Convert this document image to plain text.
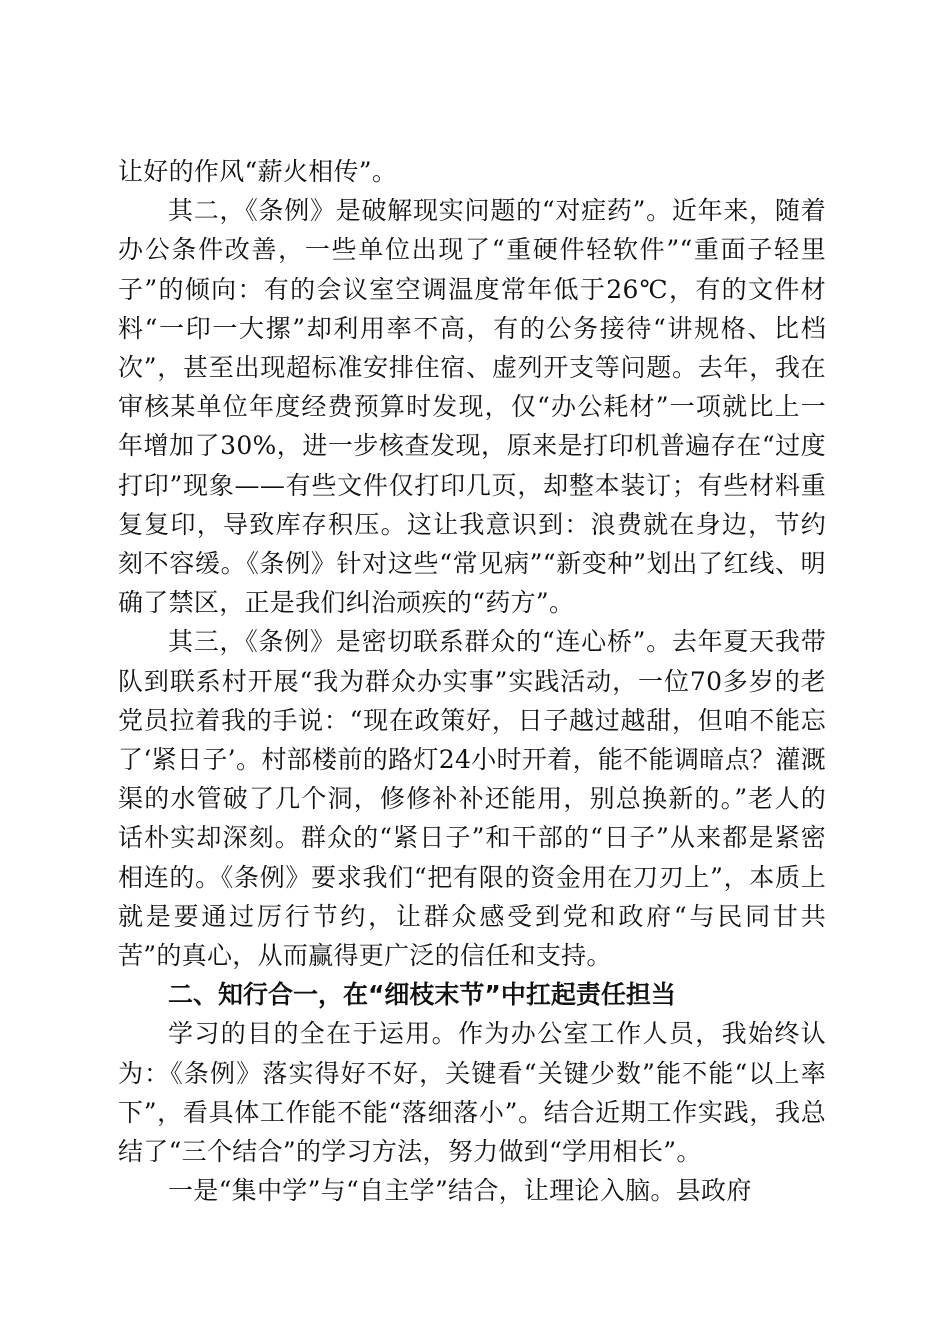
让好的作风“薪火相传”。

其二，《条例》是破解现实问题的“对症药”。近年来，随着办公条件改善，一些单位出现了“重硬件轻软件”“重面子轻里子”的倾向：有的会议室空调温度常年低于26℃，有的文件材料“一印一大摞”却利用率不高，有的公务接待“讲规格、比档次”，甚至出现超标准安排住宿、虚列开支等问题。去年，我在审核某单位年度经费预算时发现，仅“办公耗材”一项就比上一年增加了30%，进一步核查发现，原来是打印机普遍存在“过度打印”现象——有些文件仅打印几页，却整本装订；有些材料重复复印，导致库存积压。这让我意识到：浪费就在身边，节约刻不容缓。《条例》针对这些“常见病”“新变种”划出了红线、明确了禁区，正是我们纠治顽疾的“药方”。

其三，《条例》是密切联系群众的“连心桥”。去年夏天我带队到联系村开展“我为群众办实事”实践活动，一位70多岁的老党员拉着我的手说：“现在政策好，日子越过越甜，但咱不能忘了‘紧日子’。村部楼前的路灯24小时开着，能不能调暗点？灌溉渠的水管破了几个洞，修修补补还能用，别总换新的。”老人的话朴实却深刻。群众的“紧日子”和干部的“日子”从来都是紧密相连的。《条例》要求我们“把有限的资金用在刀刃上”，本质上就是要通过厉行节约，让群众感受到党和政府“与民同甘共苦”的真心，从而赢得更广泛的信任和支持。

二、知行合一，在“细枝末节”中扛起责任担当

学习的目的全在于运用。作为办公室工作人员，我始终认为：《条例》落实得好不好，关键看“关键少数”能不能“以上率下”，看具体工作能不能“落细落小”。结合近期工作实践，我总结了“三个结合”的学习方法，努力做到“学用相长”。

一是“集中学”与“自主学”结合，让理论入脑。县政府
